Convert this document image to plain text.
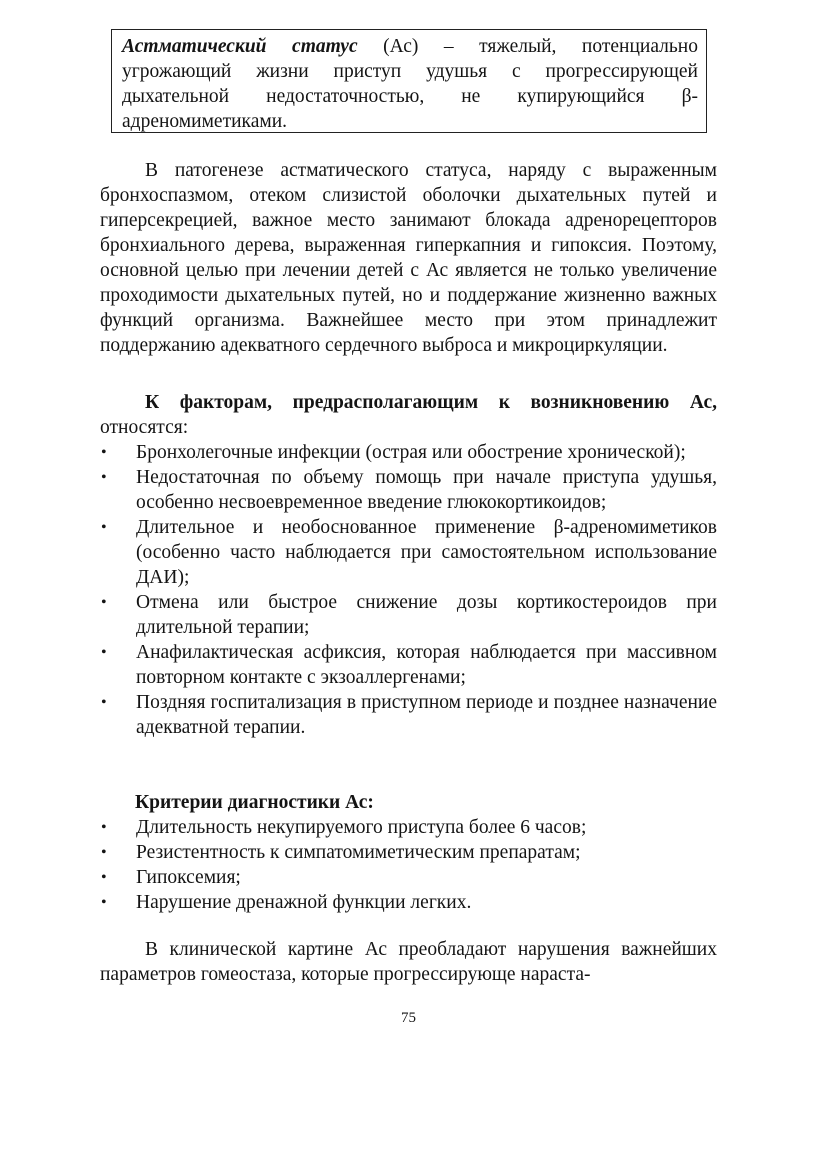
Астматический статус (Ас) – тяжелый, потенциально угрожающий жизни приступ удушья с прогрессирующей дыхательной недостаточностью, не купирующийся β-адреномиметиками.

В патогенезе астматического статуса, наряду с выраженным бронхоспазмом, отеком слизистой оболочки дыхательных путей и гиперсекрецией, важное место занимают блокада адренорецепторов бронхиального дерева, выраженная гиперкапния и гипоксия. Поэтому, основной целью при лечении детей с Ас является не только увеличение проходимости дыхательных путей, но и поддержание жизненно важных функций организма. Важнейшее место при этом принадлежит поддержанию адекватного сердечного выброса и микроциркуляции.

К факторам, предрасполагающим к возникновению Ас, относятся:

•	Бронхолегочные инфекции (острая или обострение хронической);
•	Недостаточная по объему помощь при начале приступа удушья, особенно несвоевременное введение глюкокортикоидов;
•	Длительное и необоснованное применение β-адреномиметиков (особенно часто наблюдается при самостоятельном использование ДАИ);
•	Отмена или быстрое снижение дозы кортикостероидов при длительной терапии;
•	Анафилактическая асфиксия, которая наблюдается при массивном повторном контакте с экзоаллергенами;
•	Поздняя госпитализация в приступном периоде и позднее назначение адекватной терапии.

Критерии диагностики Ас:

•	Длительность некупируемого приступа более 6 часов;
•	Резистентность к симпатомиметическим препаратам;
•	Гипоксемия;
•	Нарушение дренажной функции легких.

В клинической картине Ас преобладают нарушения важнейших параметров гомеостаза, которые прогрессирующе нараста-

75
